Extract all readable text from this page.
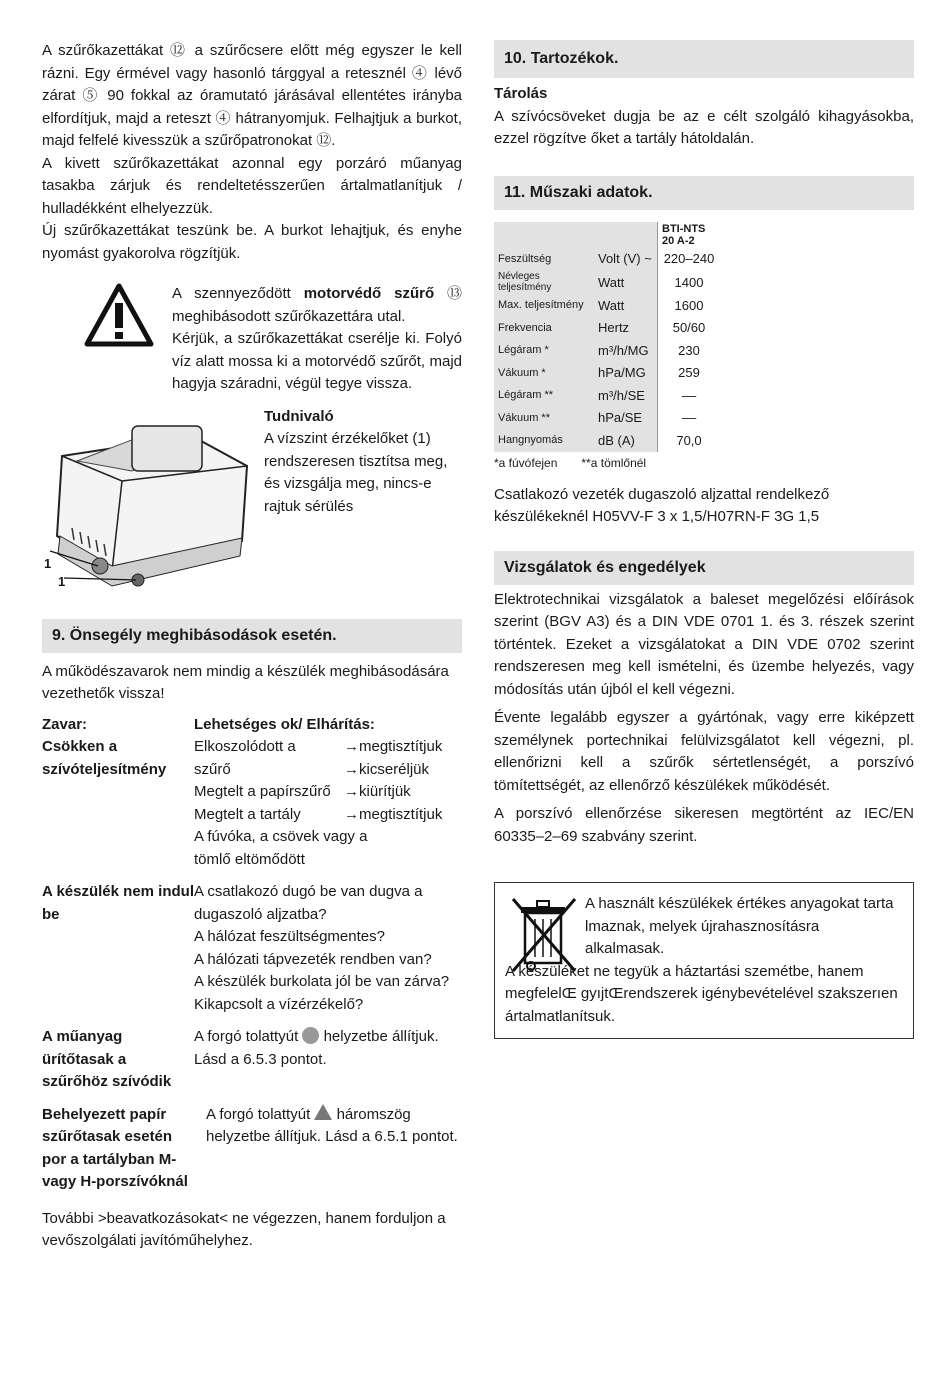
A szűrőkazettákat ⑫ a szűrőcsere előtt még egyszer le kell rázni. Egy érmével vagy hasonló tárggyal a retesznél ④ lévő zárat ⑤ 90 fokkal az óramutató járásával ellentétes irányba elfordítjuk, majd a reteszt ④ hátranyomjuk. Felhajtjuk a burkot, majd felfelé kivesszük a szűrőpatronokat ⑫.

A kivett szűrőkazettákat azonnal egy porzáró műanyag tasakba zárjuk és rendeltetésszerűen ártalmatlanítjuk / hulladékként elhelyezzük.

Új szűrőkazettákat teszünk be. A burkot lehajtjuk, és enyhe nyomást gyakorolva rögzítjük.

A szennyeződött motorvédő szűrő ⑬ meghibásodott szűrőkazettára utal.

Kérjük, a szűrőkazettákat cserélje ki. Folyó víz alatt mossa ki a motorvédő szűrőt, majd hagyja száradni, végül tegye vissza.

1
1

Tudnivaló

A vízszint érzékelőket (1) rendszeresen tisztítsa meg, és vizsgálja meg, nincs-e rajtuk sérülés

9. Önsegély meghibásodások esetén.

A működészavarok nem mindig a készülék meghibásodására vezethetők vissza!

Zavar:	Lehetséges ok/ Elhárítás:
Csökken a szívóteljesítmény
Elkoszolódott a	→megtisztítjuk
szűrő	→kicseréljük
Megtelt a papírszűrő →kiürítjük
Megtelt a tartály	→megtisztítjuk
A fúvóka, a csövek vagy a tömlő eltömődött
A készülék nem indul be
A csatlakozó dugó be van dugva a dugaszoló aljzatba?
A hálózat feszültségmentes?
A hálózati tápvezeték rendben van?
A készülék burkolata jól be van zárva?
Kikapcsolt a vízérzékelő?
A műanyag ürítőtasak a szűrőhöz szívódik
A forgó tolattyút  helyzetbe állítjuk. Lásd a 6.5.3 pontot.
Behelyezett papír szűrőtasak esetén por a tartályban M- vagy H-porszívóknál
A forgó tolattyút  háromszög helyzetbe állítjuk. Lásd a 6.5.1 pontot.

További >beavatkozásokat< ne végezzen, hanem forduljon a vevőszolgálati javítóműhelyhez.

10. Tartozékok.

Tárolás

A szívócsöveket dugja be az e célt szolgáló kihagyásokba, ezzel rögzítve őket a tartály hátoldalán.

11. Műszaki adatok.
		BTI-NTS 20 A-2
Feszültség	Volt (V) ~	220–240
Névleges teljesítmény	Watt	1400
Max. teljesítmény	Watt	1600
Frekvencia	Hertz	50/60
Légáram *	m³/h/MG	230
Vákuum *	hPa/MG	259
Légáram **	m³/h/SE	––
Vákuum **	hPa/SE	––
Hangnyomás	dB (A)	70,0
*a fúvófejen **a tömlőnél

Csatlakozó vezeték dugaszoló aljzattal rendelkező készülékeknél H05VV-F 3 x 1,5/H07RN-F 3G 1,5

Vizsgálatok és engedélyek

Elektrotechnikai vizsgálatok a baleset megelőzési előírások szerint (BGV A3) és a DIN VDE 0701 1. és 3. részek szerint történtek. Ezeket a vizsgálatokat a DIN VDE 0702 szerint rendszeresen meg kell ismételni, és üzembe helyezés, vagy módosítás után újból el kell végezni.

Évente legalább egyszer a gyártónak, vagy erre kiképzett személynek portechnikai felülvizsgálatot kell végezni, pl. ellenőrizni kell a szűrők sértetlenségét, a porszívó tömítettségét, az ellenőrző készülékek működését.

A porszívó ellenőrzése sikeresen megtörtént az IEC/EN 60335–2–69 szabvány szerint.

A használt készülékek értékes anyagokat tarta lmaznak, melyek újrahasznosításra alkalmasak.

A készüléket ne tegyük a háztartási szemétbe, hanem megfelelŒ gyıjtŒrendszerek igénybevételével szakszerıen ártalmatlanítsuk.
